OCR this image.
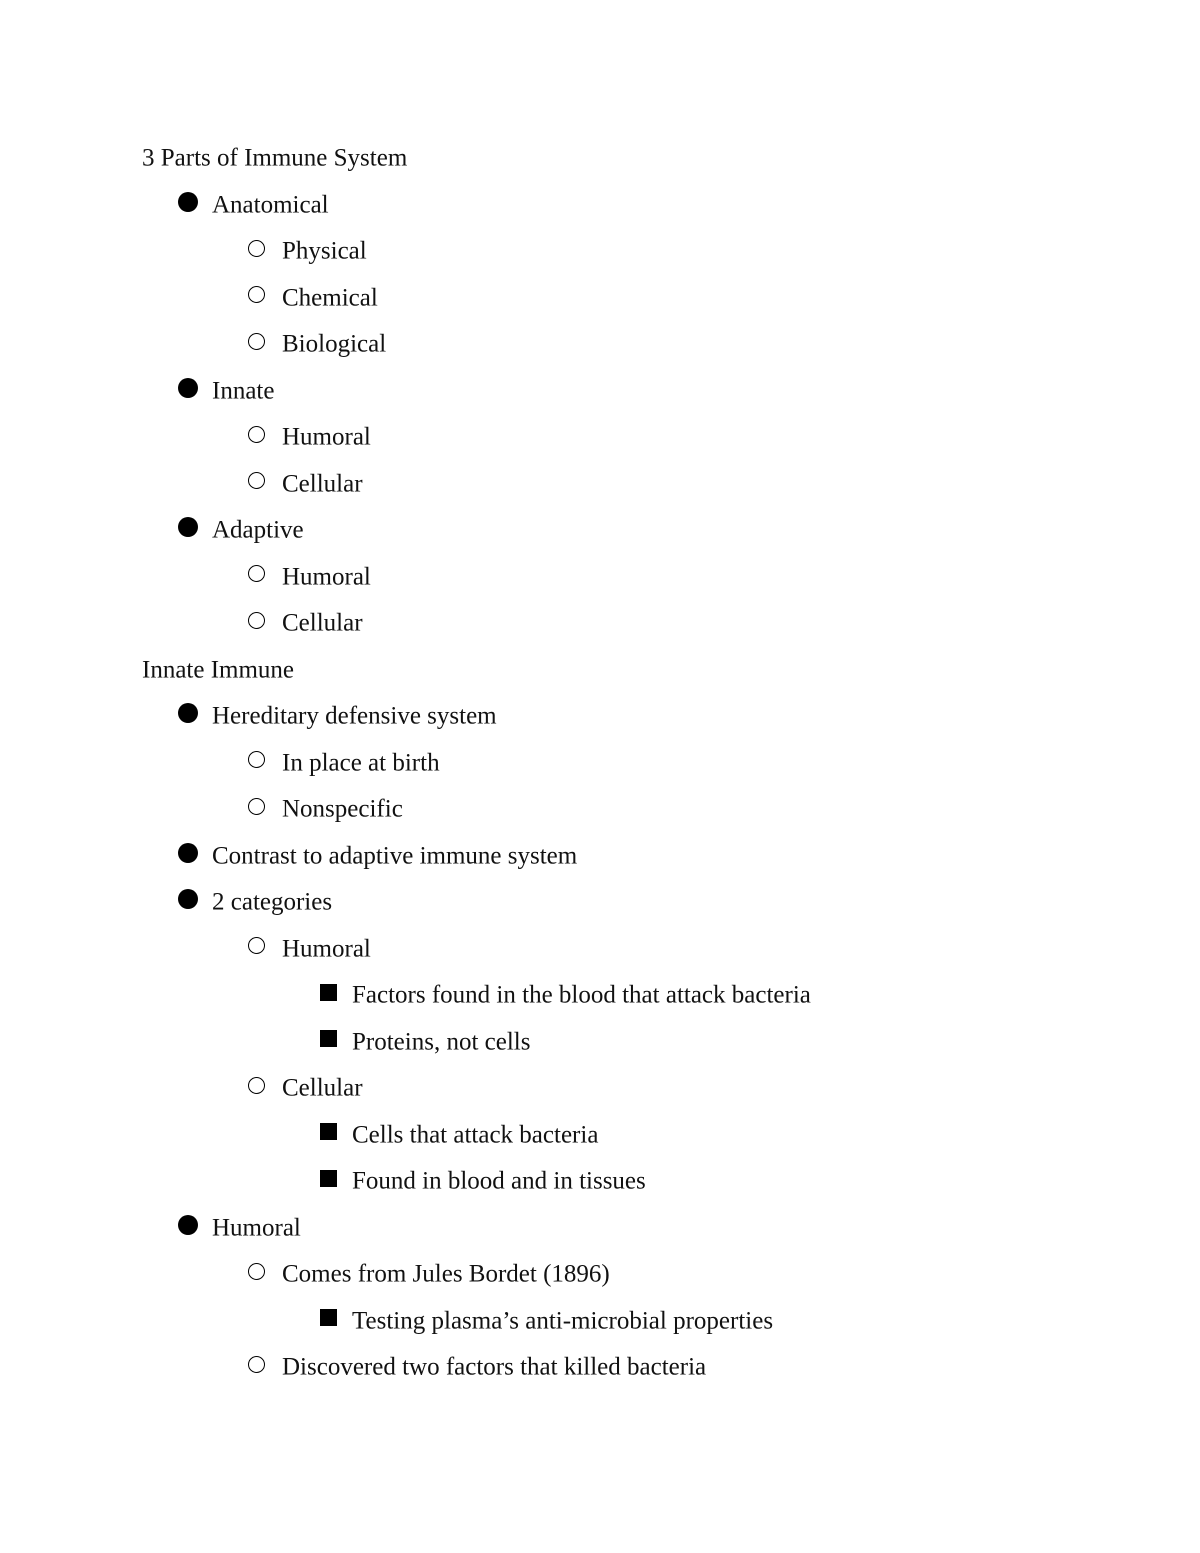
3 Parts of Immune System
Anatomical
Physical
Chemical
Biological
Innate
Humoral
Cellular
Adaptive
Humoral
Cellular
Innate Immune
Hereditary defensive system
In place at birth
Nonspecific
Contrast to adaptive immune system
2 categories
Humoral
Factors found in the blood that attack bacteria
Proteins, not cells
Cellular
Cells that attack bacteria
Found in blood and in tissues
Humoral
Comes from Jules Bordet (1896)
Testing plasma’s anti-microbial properties
Discovered two factors that killed bacteria
